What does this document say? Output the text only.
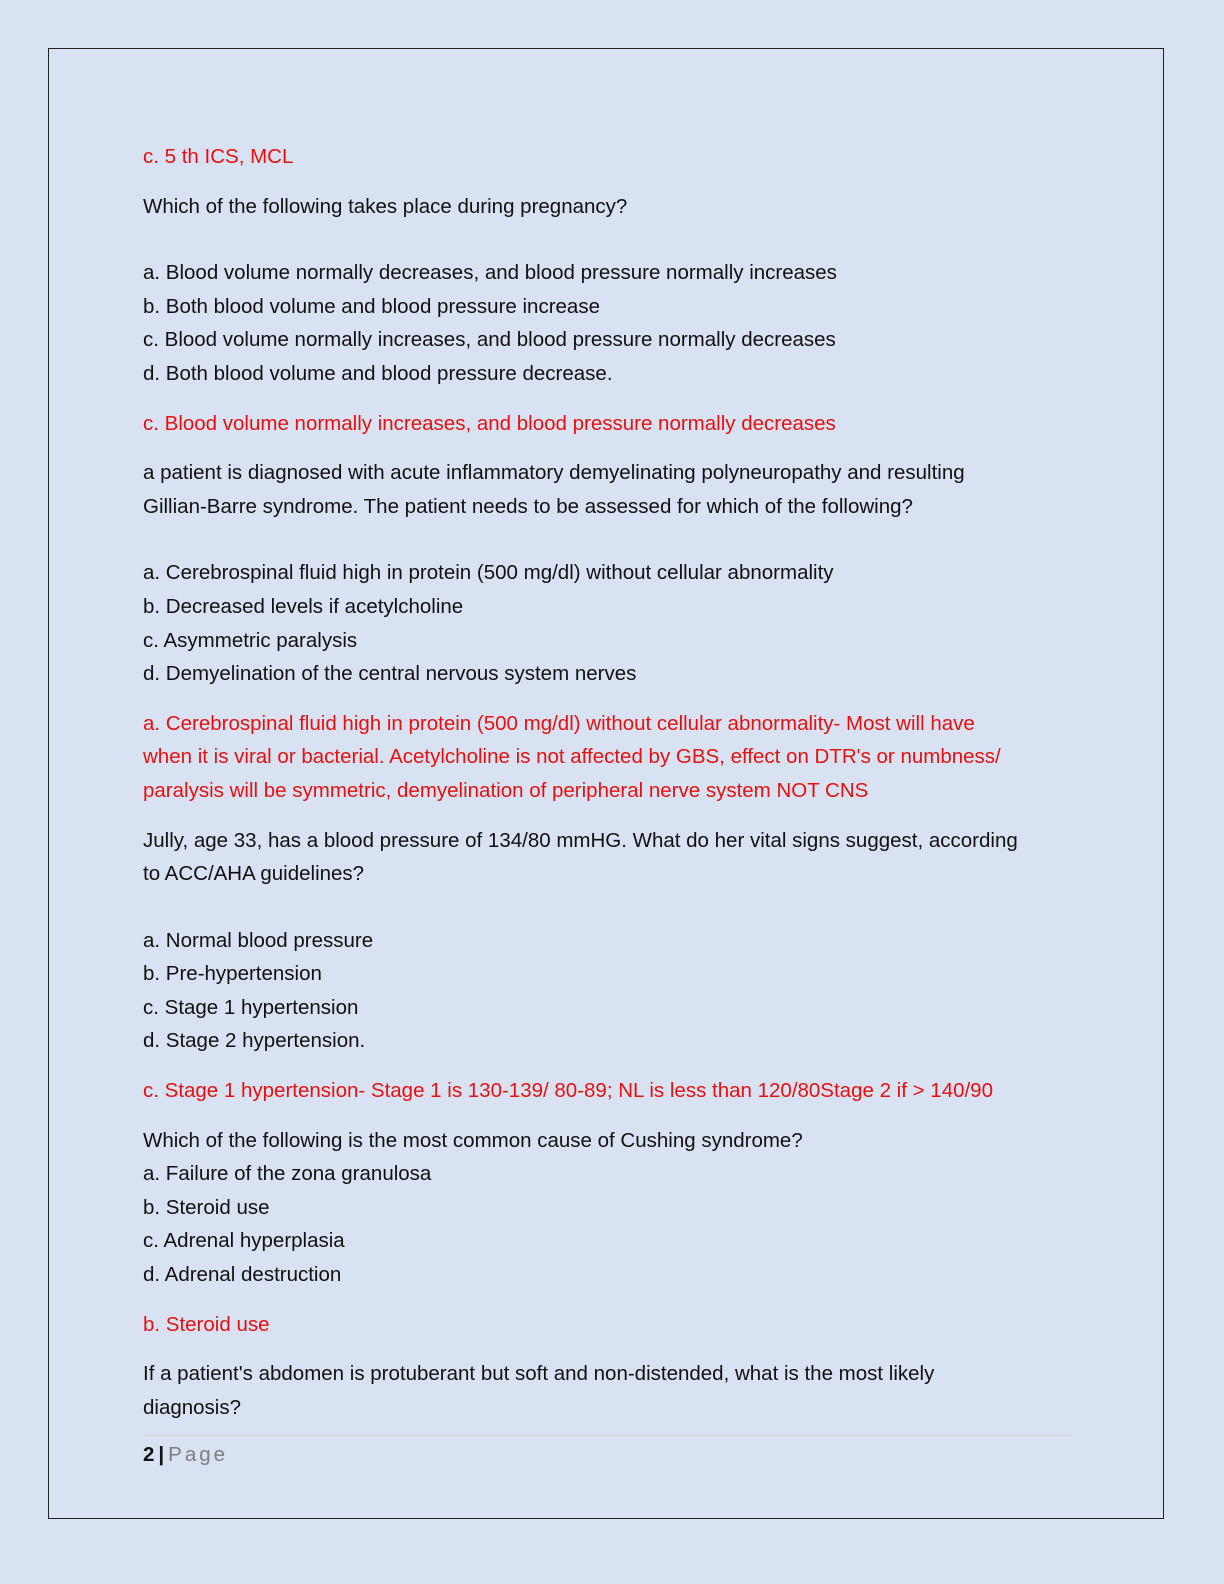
c. 5 th ICS, MCL
Which of the following takes place during pregnancy?
a. Blood volume normally decreases, and blood pressure normally increases
b. Both blood volume and blood pressure increase
c. Blood volume normally increases, and blood pressure normally decreases
d. Both blood volume and blood pressure decrease.
c. Blood volume normally increases, and blood pressure normally decreases
a patient is diagnosed with acute inflammatory demyelinating polyneuropathy and resulting
Gillian-Barre syndrome. The patient needs to be assessed for which of the following?
a. Cerebrospinal fluid high in protein (500 mg/dl) without cellular abnormality
b. Decreased levels if acetylcholine
c. Asymmetric paralysis
d. Demyelination of the central nervous system nerves
a. Cerebrospinal fluid high in protein (500 mg/dl) without cellular abnormality- Most will have
when it is viral or bacterial. Acetylcholine is not affected by GBS, effect on DTR's or numbness/
paralysis will be symmetric, demyelination of peripheral nerve system NOT CNS
Jully, age 33, has a blood pressure of 134/80 mmHG. What do her vital signs suggest, according
to ACC/AHA guidelines?
a. Normal blood pressure
b. Pre-hypertension
c. Stage 1 hypertension
d. Stage 2 hypertension.
c. Stage 1 hypertension- Stage 1 is 130-139/ 80-89; NL is less than 120/80Stage 2 if > 140/90
Which of the following is the most common cause of Cushing syndrome?
a. Failure of the zona granulosa
b. Steroid use
c. Adrenal hyperplasia
d. Adrenal destruction
b. Steroid use
If a patient's abdomen is protuberant but soft and non-distended, what is the most likely
diagnosis?
2 | Page
